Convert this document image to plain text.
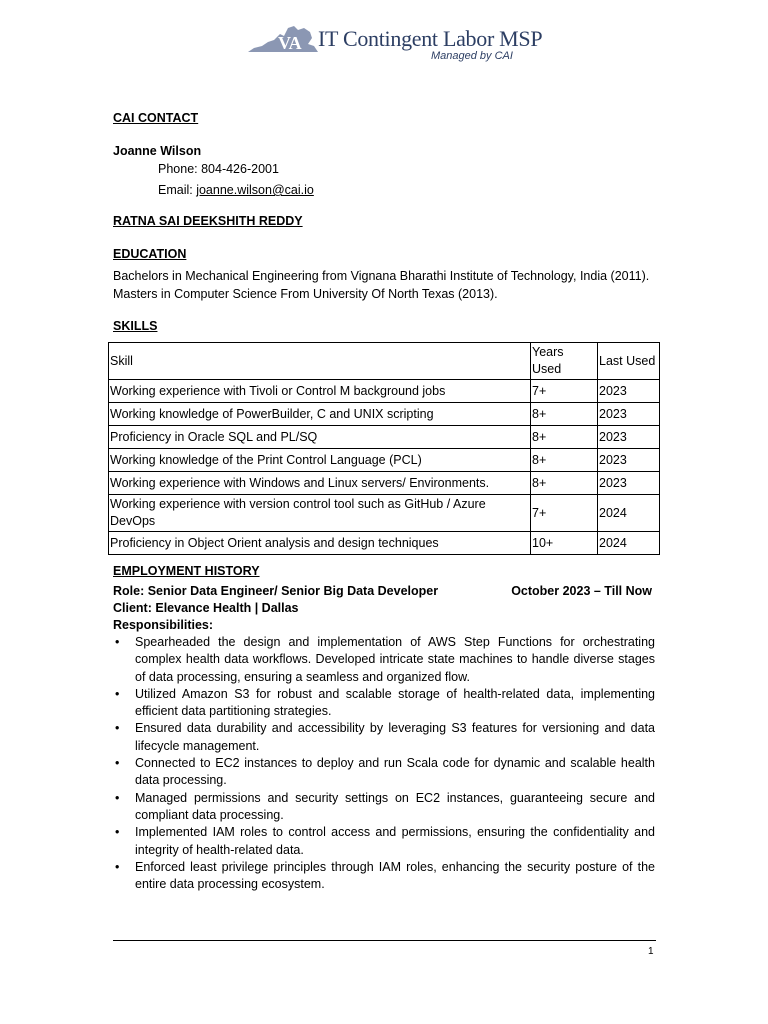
VA IT Contingent Labor MSP
Managed by CAI
CAI CONTACT
Joanne Wilson
Phone: 804-426-2001
Email: joanne.wilson@cai.io
RATNA SAI DEEKSHITH REDDY
EDUCATION

Bachelors in Mechanical Engineering from Vignana Bharathi Institute of Technology, India (2011).

Masters in Computer Science From University Of North Texas (2013).

SKILLS
Skill	Years Used	Last Used
Working experience with Tivoli or Control M background jobs	7+	2023
Working knowledge of PowerBuilder, C and UNIX scripting	8+	2023
Proficiency in Oracle SQL and PL/SQ	8+	2023
Working knowledge of the Print Control Language (PCL)	8+	2023
Working experience with Windows and Linux servers/ Environments.	8+	2023
Working experience with version control tool such as GitHub / Azure DevOps	7+	2024
Proficiency in Object Orient analysis and design techniques	10+	2024
EMPLOYMENT HISTORY
Role: Senior Data Engineer/ Senior Big Data Developer	October 2023 – Till Now
Client: Elevance Health | Dallas
Responsibilities:
• Spearheaded the design and implementation of AWS Step Functions for orchestrating complex health data workflows. Developed intricate state machines to handle diverse stages of data processing, ensuring a seamless and organized flow.
• Utilized Amazon S3 for robust and scalable storage of health-related data, implementing efficient data partitioning strategies.
• Ensured data durability and accessibility by leveraging S3 features for versioning and data lifecycle management.
• Connected to EC2 instances to deploy and run Scala code for dynamic and scalable health data processing.
• Managed permissions and security settings on EC2 instances, guaranteeing secure and compliant data processing.
• Implemented IAM roles to control access and permissions, ensuring the confidentiality and integrity of health-related data.
• Enforced least privilege principles through IAM roles, enhancing the security posture of the entire data processing ecosystem.
1
